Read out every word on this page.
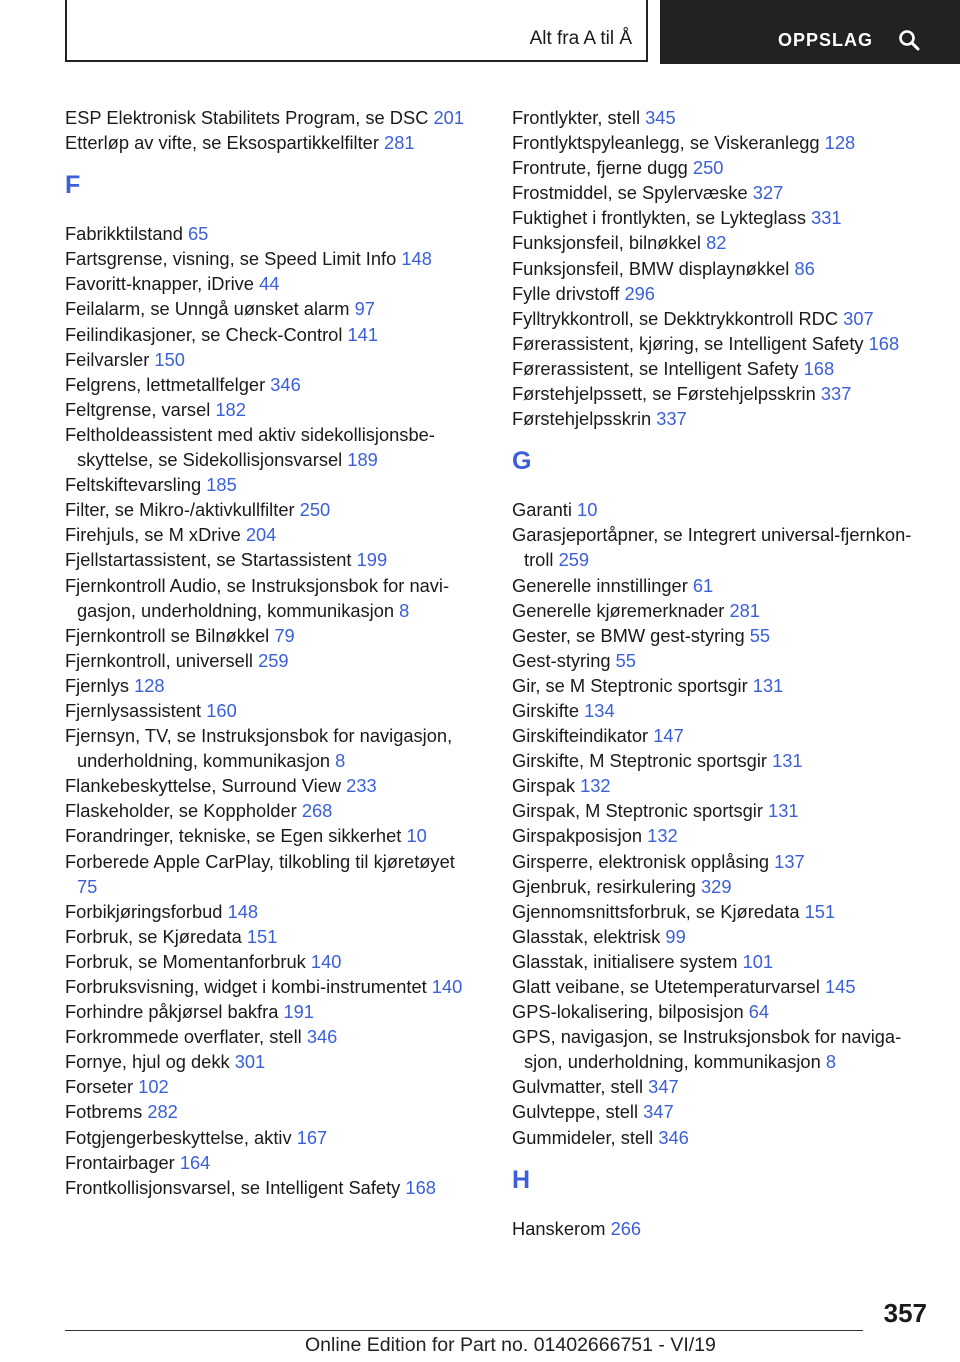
Alt fra A til Å	OPPSLAG
ESP Elektronisk Stabilitets Program, se DSC 201
Etterløp av vifte, se Eksospartikkelfilter 281
F
Fabrikktilstand 65
Fartsgrense, visning, se Speed Limit Info 148
Favoritt-knapper, iDrive 44
Feilalarm, se Unngå uønsket alarm 97
Feilindikasjoner, se Check-Control 141
Feilvarsler 150
Felgrens, lettmetallfelger 346
Feltgrense, varsel 182
Feltholdeassistent med aktiv sidekollisjonsbeskyttelse, se Sidekollisjonsvarsel 189
Feltskiftevarsling 185
Filter, se Mikro-/aktivkullfilter 250
Firehjuls, se M xDrive 204
Fjellstartassistent, se Startassistent 199
Fjernkontroll Audio, se Instruksjonsbok for navigasjon, underholdning, kommunikasjon 8
Fjernkontroll se Bilnøkkel 79
Fjernkontroll, universell 259
Fjernlys 128
Fjernlysassistent 160
Fjernsyn, TV, se Instruksjonsbok for navigasjon, underholdning, kommunikasjon 8
Flankebeskyttelse, Surround View 233
Flaskeholder, se Koppholder 268
Forandringer, tekniske, se Egen sikkerhet 10
Forberede Apple CarPlay, tilkobling til kjøretøyet 75
Forbikjøringsforbud 148
Forbruk, se Kjøredata 151
Forbruk, se Momentanforbruk 140
Forbruksvisning, widget i kombi-instrumentet 140
Forhindre påkjørsel bakfra 191
Forkrommede overflater, stell 346
Fornye, hjul og dekk 301
Forseter 102
Fotbrems 282
Fotgjengerbeskyttelse, aktiv 167
Frontairbager 164
Frontkollisjonsvarsel, se Intelligent Safety 168
Frontlykter, stell 345
Frontlyktspyleanlegg, se Viskeranlegg 128
Frontrute, fjerne dugg 250
Frostmiddel, se Spylervæske 327
Fuktighet i frontlykten, se Lykteglass 331
Funksjonsfeil, bilnøkkel 82
Funksjonsfeil, BMW displaynøkkel 86
Fylle drivstoff 296
Fylltrykkontroll, se Dekktrykkontroll RDC 307
Førerassistent, kjøring, se Intelligent Safety 168
Førerassistent, se Intelligent Safety 168
Førstehjelpssett, se Førstehjelpsskrin 337
Førstehjelpsskrin 337
G
Garanti 10
Garasjeportåpner, se Integrert universal-fjernkontroll 259
Generelle innstillinger 61
Generelle kjøremerknader 281
Gester, se BMW gest-styring 55
Gest-styring 55
Gir, se M Steptronic sportsgir 131
Girskifte 134
Girskifteindikator 147
Girskifte, M Steptronic sportsgir 131
Girspak 132
Girspak, M Steptronic sportsgir 131
Girspakposisjon 132
Girsperre, elektronisk opplåsing 137
Gjenbruk, resirkulering 329
Gjennomsnittsforbruk, se Kjøredata 151
Glasstak, elektrisk 99
Glasstak, initialisere system 101
Glatt veibane, se Utetemperaturvarsel 145
GPS-lokalisering, bilposisjon 64
GPS, navigasjon, se Instruksjonsbok for navigasjon, underholdning, kommunikasjon 8
Gulvmatter, stell 347
Gulvteppe, stell 347
Gummideler, stell 346
H
Hanskerom 266
357
Online Edition for Part no. 01402666751 - VI/19
